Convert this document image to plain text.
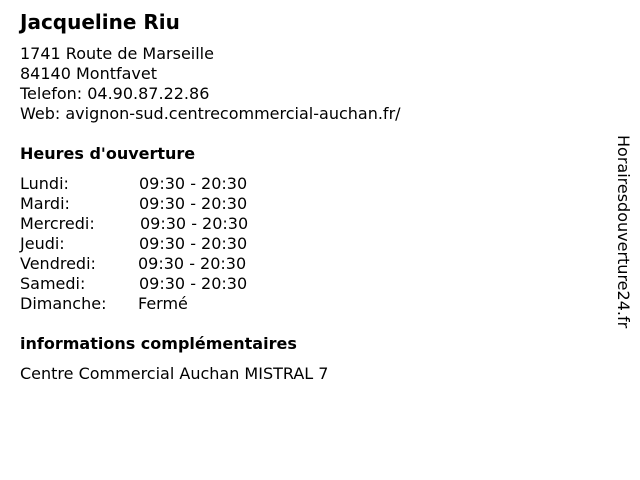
Jacqueline Riu
1741 Route de Marseille
84140 Montfavet
Telefon: 04.90.87.22.86
Web: avignon-sud.centrecommercial-auchan.fr/
Heures d'ouverture
Lundi:	09:30 - 20:30
Mardi:	09:30 - 20:30
Mercredi:	09:30 - 20:30
Jeudi:	09:30 - 20:30
Vendredi:	09:30 - 20:30
Samedi:	09:30 - 20:30
Dimanche: Fermé
informations complémentaires
Centre Commercial Auchan MISTRAL 7
Horairesdouverture24.fr
